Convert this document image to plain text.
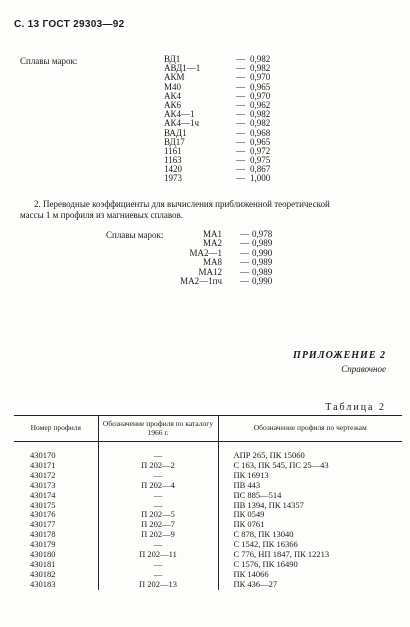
С. 13 ГОСТ 29303—92
Сплавы марок:	ВД1	— 0,982
АВД1—1	— 0,982
АКМ	— 0,970
М40	— 0,965
АК4	— 0,970
АК6	— 0,962
АК4—1	— 0,982
АК4—1ч	— 0,982
ВАД1	— 0,968
ВД17	— 0,965
1161	— 0,972
1163	— 0,975
1420	— 0,867
1973	— 1,000
2. Переводные коэффициенты для вычисления приближенной теоретической
массы 1 м профиля из магниевых сплавов.
Сплавы марок:	МА1 — 0,978
МА2 — 0,989
МА2—1 — 0,990
МА8 — 0,989
МА12 — 0,989
МА2—1пч — 0,990
ПРИЛОЖЕНИЕ 2
Справочное
Таблица 2
Номер профиля	Обозначение профиля по каталогу 1966 г.	Обозначение профиля по чертежам

430170	—	АПР 265, ПК 15060
430171	П 202—2	С 163, ПК 545, ПС 25—43
430172	—	ПК 16913
430173	П 202—4	ПВ 443
430174	—	ПС 885—514
430175	—	ПВ 1394, ПК 14357
430176	П 202—5	ПК 0549
430177	П 202—7	ПК 0761
430178	П 202—9	С 878, ПК 13040
430179	—	С 1542, ПК 16366
430180	П 202—11	С 776, НП 1847, ПК 12213
430181	—	С 1576, ПК 16490
430182	—	ПК 14066
430183	П 202—13	ПК 436—27
